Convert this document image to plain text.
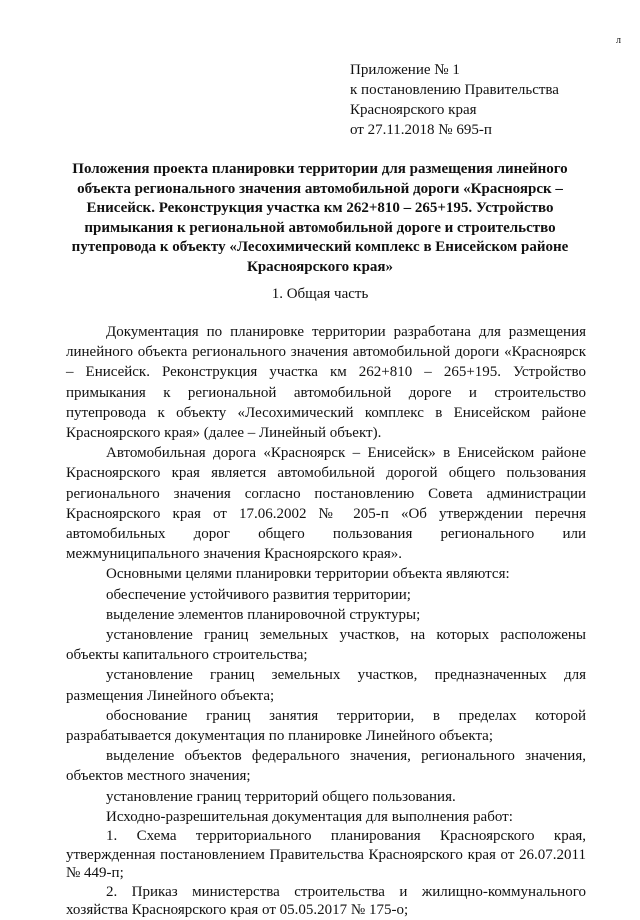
л
Приложение № 1
к постановлению Правительства
Красноярского края
от 27.11.2018 № 695-п
Положения проекта планировки территории для размещения линейного объекта регионального значения автомобильной дороги «Красноярск – Енисейск. Реконструкция участка км 262+810 – 265+195. Устройство примыкания к региональной автомобильной дороге и строительство путепровода к объекту «Лесохимический комплекс в Енисейском районе Красноярского края»
1. Общая часть

Документация по планировке территории разработана для размещения линейного объекта регионального значения автомобильной дороги «Красноярск – Енисейск. Реконструкция участка км 262+810 – 265+195. Устройство примыкания к региональной автомобильной дороге и строительство путепровода к объекту «Лесохимический комплекс в Енисейском районе Красноярского края» (далее – Линейный объект).

Автомобильная дорога «Красноярск – Енисейск» в Енисейском районе Красноярского края является автомобильной дорогой общего пользования регионального значения согласно постановлению Совета администрации Красноярского края от 17.06.2002 № 205-п «Об утверждении перечня автомобильных дорог общего пользования регионального или межмуниципального значения Красноярского края».

Основными целями планировки территории объекта являются:

обеспечение устойчивого развития территории;

выделение элементов планировочной структуры;

установление границ земельных участков, на которых расположены объекты капитального строительства;

установление границ земельных участков, предназначенных для размещения Линейного объекта;

обоснование границ занятия территории, в пределах которой разрабатывается документация по планировке Линейного объекта;

выделение объектов федерального значения, регионального значения, объектов местного значения;

установление границ территорий общего пользования.

Исходно-разрешительная документация для выполнения работ:

1. Схема территориального планирования Красноярского края, утвержденная постановлением Правительства Красноярского края от 26.07.2011 № 449-п;

2. Приказ министерства строительства и жилищно-коммунального хозяйства Красноярского края от 05.05.2017 № 175-о;
